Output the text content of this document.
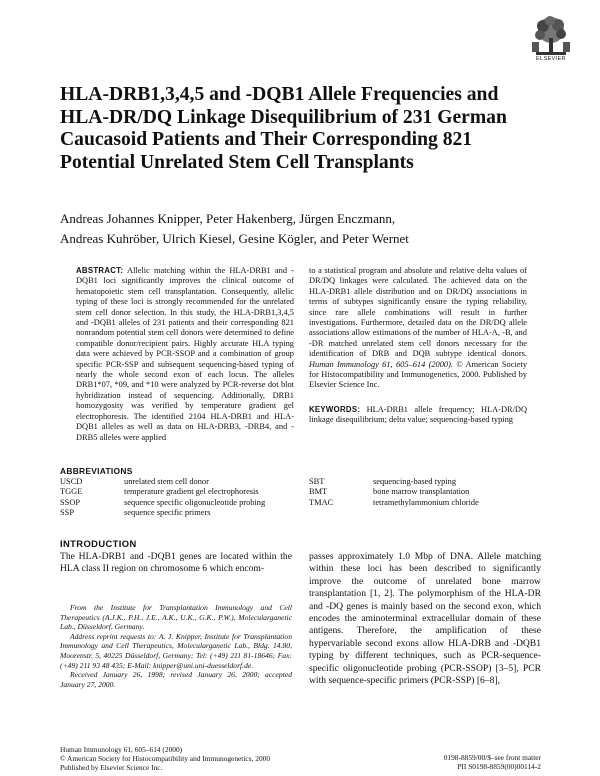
ELSEVIER
HLA-DRB1,3,4,5 and -DQB1 Allele Frequencies and HLA-DR/DQ Linkage Disequilibrium of 231 German Caucasoid Patients and Their Corresponding 821 Potential Unrelated Stem Cell Transplants
Andreas Johannes Knipper, Peter Hakenberg, Jürgen Enczmann,
Andreas Kuhröber, Ulrich Kiesel, Gesine Kögler, and Peter Wernet
ABSTRACT: Allelic matching within the HLA-DRB1 and -DQB1 loci significantly improves the clinical outcome of hematopoietic stem cell transplantation. Consequently, allelic typing of these loci is strongly recommended for the unrelated stem cell donor selection. In this study, the HLA-DRB1,3,4,5 and -DQB1 alleles of 231 patients and their corresponding 821 nonrandom potential stem cell donors were determined to define compatible donor/recipient pairs. Highly accurate HLA typing data were achieved by PCR-SSOP and a combination of group specific PCR-SSP and subsequent sequencing-based typing of nearly the whole second exon of each locus. The alleles DRB1*07, *09, and *10 were analyzed by PCR-reverse dot blot hybridization instead of sequencing. Additionally, DRB1 homozygosity was verified by temperature gradient gel electrophoresis. The identified 2104 HLA-DRB1 and HLA-DQB1 alleles as well as data on HLA-DRB3, -DRB4, and -DRB5 alleles were applied
to a statistical program and absolute and relative delta values of DR/DQ linkages were calculated. The achieved data on the HLA-DRB1 allele distribution and on DR/DQ associations in terms of subtypes significantly ensure the typing reliability, since rare allele combinations will result in further investigations. Furthermore, detailed data on the DR/DQ allele associations allow estimations of the number of HLA-A, -B, and -DR matched unrelated stem cell donors necessary for the identification of DRB and DQB subtype identical donors. Human Immunology 61, 605–614 (2000). © American Society for Histocompatibility and Immunogenetics, 2000. Published by Elsevier Science Inc.
KEYWORDS: HLA-DRB1 allele frequency; HLA-DR/DQ linkage disequilibrium; delta value; sequencing-based typing
ABBREVIATIONS
USCD	unrelated stem cell donor
TGGE	temperature gradient gel electrophoresis
SSOP	sequence specific oligonucleotide probing
SSP	sequence specific primers
SBT	sequencing-based typing
BMT	bone marrow transplantation
TMAC	tetramethylammonium chloride
INTRODUCTION
The HLA-DRB1 and -DQB1 genes are located within the HLA class II region on chromosome 6 which encom-
passes approximately 1.0 Mbp of DNA. Allele matching within these loci has been described to significantly improve the outcome of unrelated bone marrow transplantation [1, 2]. The polymorphism of the HLA-DR and -DQ genes is mainly based on the second exon, which encodes the aminoterminal extracellular domain of these antigens. Therefore, the amplification of these hypervariable second exons allow HLA-DRB and -DQB1 typing by different techniques, such as PCR-sequence-specific oligonucleotide probing (PCR-SSOP) [3–5], PCR with sequence-specific primers (PCR-SSP) [6–8],

From the Institute for Transplantation Immunology and Cell Therapeutics (A.J.K., P.H., J.E., A.K., U.K., G.K., P.W.), Molecularganetic Lab., Düsseldorf, Germany.

Address reprint requests to: A. J. Knipper, Institute for Transplantation Immunology and Cell Therapeutics, Molecularganetic Lab., Bldg. 14.80, Moorenstr. 5, 40225 Düsseldorf, Germany; Tel: (+49) 211 81-18646; Fax: (+49) 211 93 48 435; E-Mail: knipper@uni.uni-duesseldorf.de.

Received January 26, 1998; revised January 26, 2000; accepted January 27, 2000.

Human Immunology 61, 605–614 (2000)
© American Society for Histocompatibility and Immunogenetics, 2000
Published by Elsevier Science Inc.
0198-8859/00/$–see front matter
PII S0198-8859(00)00114-2
